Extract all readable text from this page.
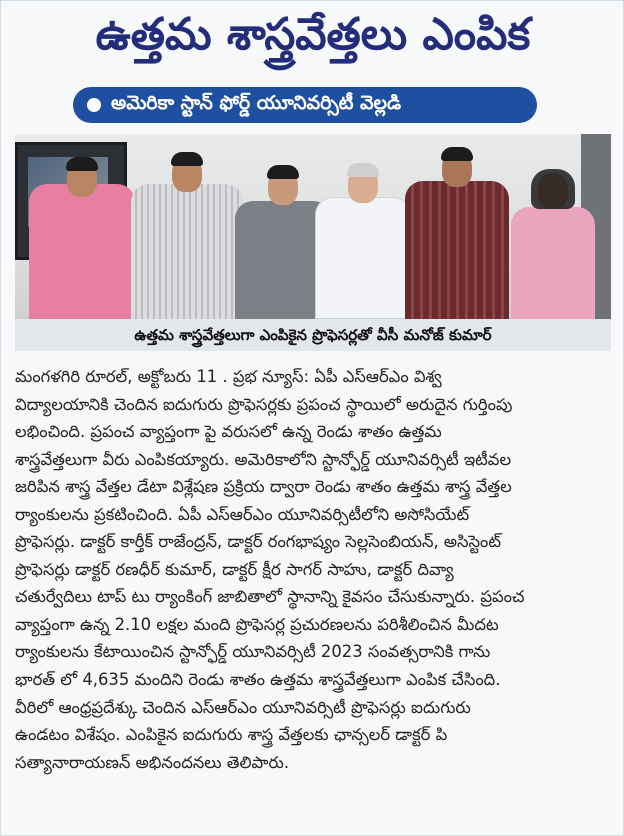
ఉత్తమ శాస్త్రవేత్తలు ఎంపిక
అమెరికా స్టాన్ ఫోర్డ్ యూనివర్సిటీ వెల్లడి
ఉత్తమ శాస్త్రవేత్తలుగా ఎంపికైన ప్రొఫెసర్లతో వీసీ మనోజ్ కుమార్
మంగళగిరి రూరల్, అక్టోబరు 11 . ప్రభ న్యూస్: ఏపీ ఎస్ఆర్ఎం విశ్వ
విద్యాలయానికి చెందిన ఐదుగురు ప్రొఫెసర్లకు ప్రపంచ స్థాయిలో అరుదైన గుర్తింపు
లభించింది. ప్రపంచ వ్యాప్తంగా పై వరుసలో ఉన్న రెండు శాతం ఉత్తమ
శాస్త్రవేత్తలుగా వీరు ఎంపికయ్యారు. అమెరికాలోని స్టాన్ఫోర్డ్ యూనివర్సిటీ ఇటీవల
జరిపిన శాస్త్ర వేత్తల డేటా విశ్లేషణ ప్రక్రియ ద్వారా రెండు శాతం ఉత్తమ శాస్త్ర వేత్తల
ర్యాంకులను ప్రకటించింది. ఏపీ ఎస్ఆర్ఎం యూనివర్సిటీలోని అసోసియేట్
ప్రొఫెసర్లు. డాక్టర్ కార్తీక్ రాజేంద్రన్, డాక్టర్ రంగభాష్యం సెల్లసెంబియన్, అసిస్టెంట్
ప్రొఫెసర్లు డాక్టర్ రణధీర్ కుమార్, డాక్టర్ క్షీర సాగర్ సాహు, డాక్టర్ దివ్యా
చతుర్వేదిలు టాప్ టు ర్యాంకింగ్ జాబితాలో స్థానాన్ని కైవసం చేసుకున్నారు. ప్రపంచ
వ్యాప్తంగా ఉన్న 2.10 లక్షల మంది ప్రొఫెసర్ల ప్రచురణలను పరిశీలించిన మీదట
ర్యాంకులను కేటాయించిన స్టాన్ఫోర్డ్ యూనివర్సిటీ 2023 సంవత్సరానికి గాను
భారత్ లో 4,635 మందిని రెండు శాతం ఉత్తమ శాస్త్రవేత్తలుగా ఎంపిక చేసింది.
వీరిలో ఆంధ్రప్రదేశ్కు చెందిన ఎస్ఆర్ఎం యూనివర్సిటీ ప్రొఫెసర్లు ఐదుగురు
ఉండటం విశేషం. ఎంపికైన ఐదుగురు శాస్త్ర వేత్తలకు ఛాన్సలర్ డాక్టర్ పి
సత్యానారాయణన్ అభినందనలు తెలిపారు.
